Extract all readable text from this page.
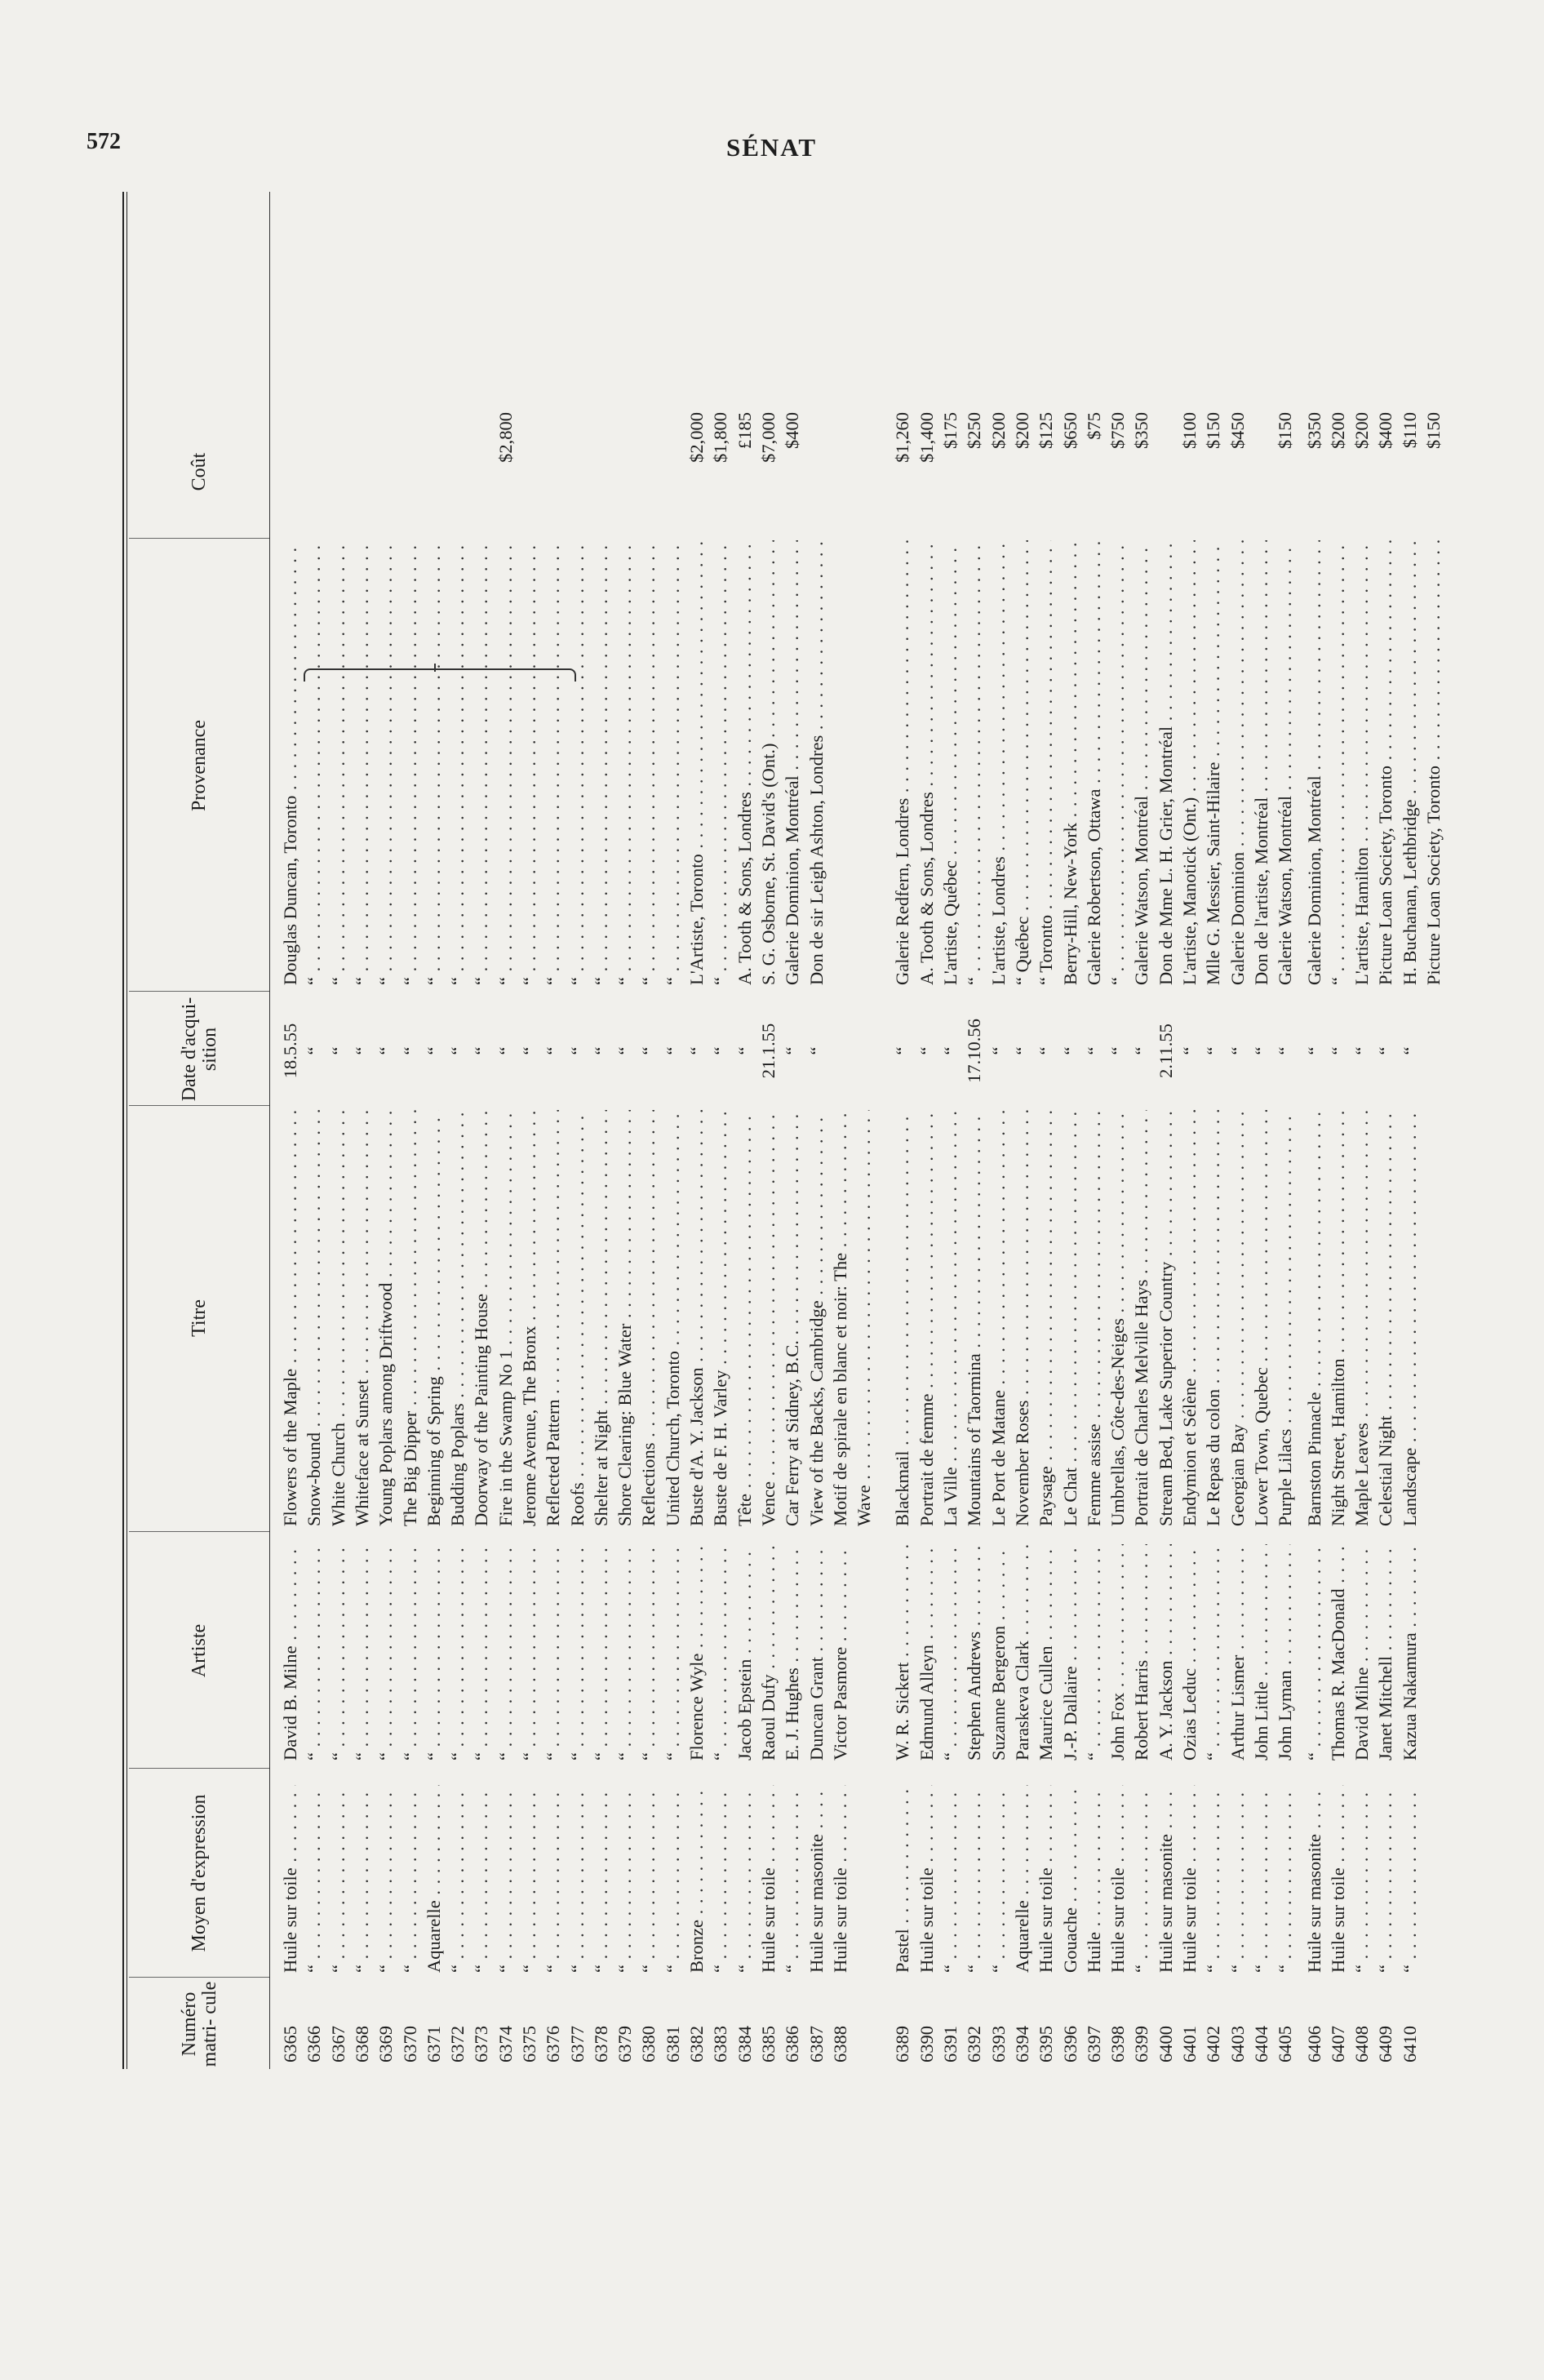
572	SÉNAT
Numéro matri- cule
Moyen d'expression
Artiste
Titre
Date d'acqui- sition
Provenance
Coût
6365
Huile sur toile . . .
David B. Milne . . .
Flowers of the Maple . . .
18.5.55
Douglas Duncan, Toronto . . .
6366
“ . . .
“ . . .
Snow-bound . . .
“
“ . . .
6367
“ . . .
“ . . .
White Church . . .
“
“ . . .
6368
“ . . .
“ . . .
Whiteface at Sunset . . .
“
“ . . .
6369
“ . . .
“ . . .
Young Poplars among Driftwood . . .
“
“ . . .
6370
“ . . .
“ . . .
The Big Dipper . . .
“
“ . . .
6371
Aquarelle . . .
“ . . .
Beginning of Spring . . .
“
“ . . .
6372
“ . . .
“ . . .
Budding Poplars . . .
“
“ . . .
6373
“ . . .
“ . . .
Doorway of the Painting House . . .
“
“ . . .
6374
“ . . .
“ . . .
Fire in the Swamp No 1 . . .
“
“ . . .
$2,800
6375
“ . . .
“ . . .
Jerome Avenue, The Bronx . . .
“
“ . . .
6376
“ . . .
“ . . .
Reflected Pattern . . .
“
“ . . .
6377
“ . . .
“ . . .
Roofs . . .
“
“ . . .
6378
“ . . .
“ . . .
Shelter at Night . . .
“
“ . . .
6379
“ . . .
“ . . .
Shore Clearing: Blue Water . . .
“
“ . . .
6380
“ . . .
“ . . .
Reflections . . .
“
“ . . .
6381
“ . . .
“ . . .
United Church, Toronto . . .
“
“ . . .
6382
Bronze . . .
Florence Wyle . . .
Buste d'A. Y. Jackson . . .
“
L'Artiste, Toronto . . .
$2,000
6383
“ . . .
“ . . .
Buste de F. H. Varley . . .
“
“ . . .
$1,800
6384
“ . . .
Jacob Epstein . . .
Tête . . .
“
A. Tooth & Sons, Londres . . .
£185
6385
Huile sur toile . . .
Raoul Dufy . . .
Vence . . .
21.1.55
S. G. Osborne, St. David's (Ont.) . . .
$7,000
6386
“ . . .
E. J. Hughes . . .
Car Ferry at Sidney, B.C. . . .
“
Galerie Dominion, Montréal . . .
$400
6387
Huile sur masonite . . .
Duncan Grant . . .
View of the Backs, Cambridge . . .
“
Don de sir Leigh Ashton, Londres . . .
6388
Huile sur toile . . .
Victor Pasmore . . .
Motif de spirale en blanc et noir: The . . . Wave . . .
6389
Pastel . . .
W. R. Sickert . . .
Blackmail . . .
“
Galerie Redfern, Londres . . .
$1,260
6390
Huile sur toile . . .
Edmund Alleyn . . .
Portrait de femme . . .
“
A. Tooth & Sons, Londres . . .
$1,400
6391
“ . . .
“ . . .
La Ville . . .
“
L'artiste, Québec . . .
$175
6392
“ . . .
Stephen Andrews . . .
Mountains of Taormina . . .
17.10.56
“ . . .
$250
6393
“ . . .
Suzanne Bergeron . . .
Le Port de Matane . . .
“
L'artiste, Londres . . .
$200
6394
Aquarelle . . .
Paraskeva Clark . . .
November Roses . . .
“
“ Québec . . .
$200
6395
Huile sur toile . . .
Maurice Cullen . . .
Paysage . . .
“
“ Toronto . . .
$125
6396
Gouache . . .
J.-P. Dallaire . . .
Le Chat . . .
“
Berry-Hill, New-York . . .
$650
6397
Huile . . .
“ . . .
Femme assise . . .
“
Galerie Robertson, Ottawa . . .
$75
6398
Huile sur toile . . .
John Fox . . .
Umbrellas, Côte-des-Neiges . . .
“
“ . . .
$750
6399
“ . . .
Robert Harris . . .
Portrait de Charles Melville Hays . . .
“
Galerie Watson, Montréal . . .
$350
6400
Huile sur masonite . . .
A. Y. Jackson . . .
Stream Bed, Lake Superior Country . . .
2.11.55
Don de Mme L. H. Grier, Montréal . . .
6401
Huile sur toile . . .
Ozias Leduc . . .
Endymion et Sélène . . .
“
L'artiste, Manotick (Ont.) . . .
$100
6402
“ . . .
“ . . .
Le Repas du colon . . .
“
Mlle G. Messier, Saint-Hilaire . . .
$150
6403
“ . . .
Arthur Lismer . . .
Georgian Bay . . .
“
Galerie Dominion . . .
$450
6404
“ . . .
John Little . . .
Lower Town, Quebec . . .
“
Don de l'artiste, Montréal . . .
6405
“ . . .
John Lyman . . .
Purple Lilacs . . .
“
Galerie Watson, Montréal . . .
$150
6406
Huile sur masonite . . .
“ . . .
Barnston Pinnacle . . .
“
Galerie Dominion, Montréal . . .
$350
6407
Huile sur toile . . .
Thomas R. MacDonald . . .
Night Street, Hamilton . . .
“
“ . . .
$200
6408
“ . . .
David Milne . . .
Maple Leaves . . .
“
L'artiste, Hamilton . . .
$200
6409
“ . . .
Janet Mitchell . . .
Celestial Night . . .
“
Picture Loan Society, Toronto . . .
$400
6410
“ . . .
Kazua Nakamura . . .
Landscape . . .
“
H. Buchanan, Lethbridge . . .
$110
Picture Loan Society, Toronto . . .
$150
